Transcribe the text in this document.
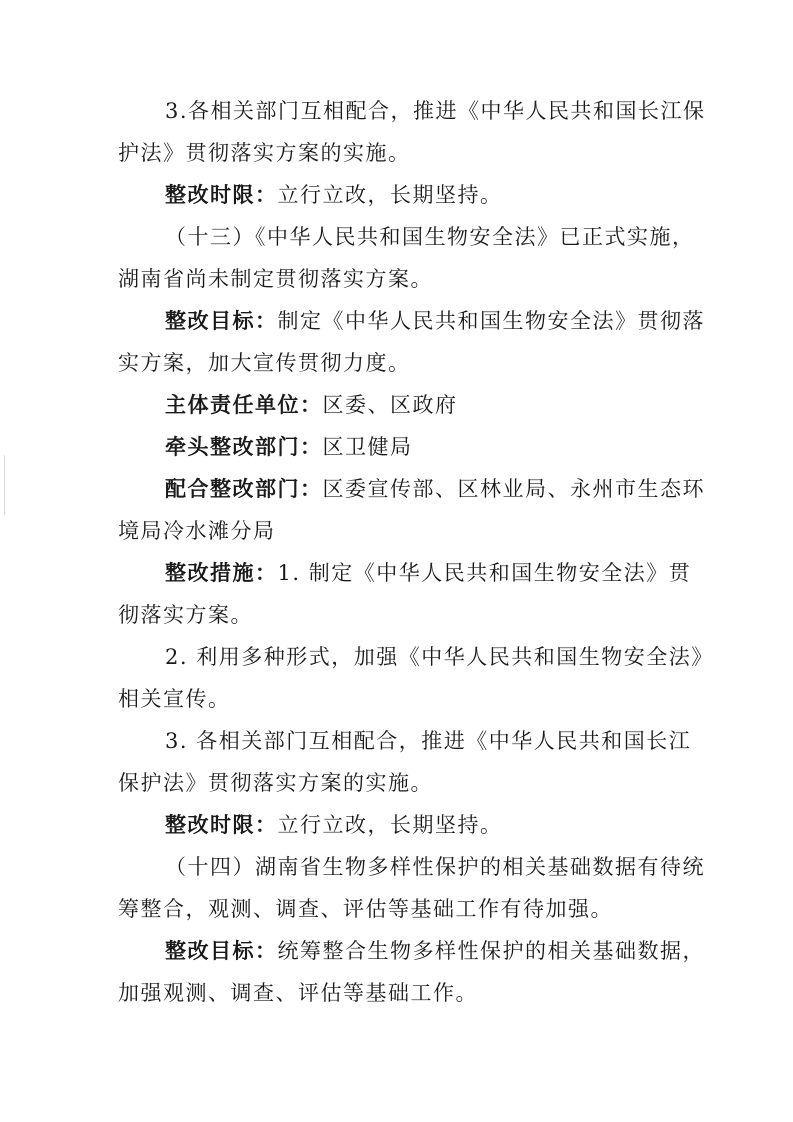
3.各相关部门互相配合，推进《中华人民共和国长江保
护法》贯彻落实方案的实施。
整改时限：立行立改，长期坚持。
（十三）《中华人民共和国生物安全法》已正式实施，
湖南省尚未制定贯彻落实方案。
整改目标：制定《中华人民共和国生物安全法》贯彻落
实方案，加大宣传贯彻力度。
主体责任单位：区委、区政府
牵头整改部门：区卫健局
配合整改部门：区委宣传部、区林业局、永州市生态环
境局冷水滩分局
整改措施：1. 制定《中华人民共和国生物安全法》贯
彻落实方案。
2. 利用多种形式，加强《中华人民共和国生物安全法》
相关宣传。
3. 各相关部门互相配合，推进《中华人民共和国长江
保护法》贯彻落实方案的实施。
整改时限：立行立改，长期坚持。
（十四）湖南省生物多样性保护的相关基础数据有待统
筹整合，观测、调查、评估等基础工作有待加强。
整改目标：统筹整合生物多样性保护的相关基础数据，
加强观测、调查、评估等基础工作。
